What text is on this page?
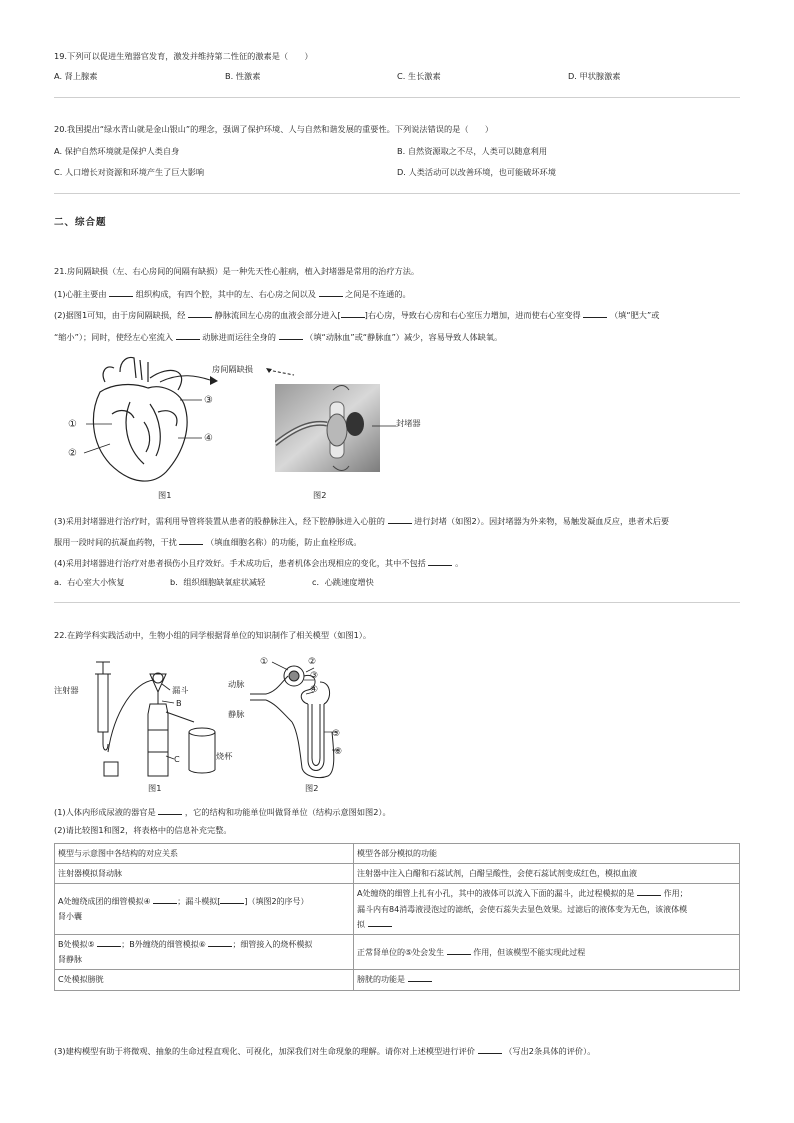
19.下列可以促进生殖器官发育，激发并维持第二性征的激素是（　　）
A. 肾上腺素	B. 性激素	C. 生长激素	D. 甲状腺激素
20.我国提出“绿水青山就是金山银山”的理念，强调了保护环境、人与自然和谐发展的重要性。下列说法错误的是（　　）
A. 保护自然环境就是保护人类自身	B. 自然资源取之不尽，人类可以随意利用
C. 人口增长对资源和环境产生了巨大影响	D. 人类活动可以改善环境，也可能破坏环境
二、综合题
21.房间隔缺损（左、右心房间的间隔有缺损）是一种先天性心脏病，植入封堵器是常用的治疗方法。
(1)心脏主要由	组织构成，有四个腔，其中的左、右心房之间以及	之间是不连通的。
(2)据图1可知，由于房间隔缺损，经	静脉流回左心房的血液会部分进入[	]右心房，导致右心房和右心室压力增加，进而使右心室变得	（填“肥大”或
“缩小”）；同时，使经左心室流入	动脉进而运往全身的	（填“动脉血”或“静脉血”）减少，容易导致人体缺氧。
①
②
③
④
房间隔缺损
封堵器
图1	图2
(3)采用封堵器进行治疗时，需利用导管将装置从患者的股静脉注入，经下腔静脉进入心脏的	进行封堵（如图2）。因封堵器为外来物，易触发凝血反应，患者术后要
服用一段时间的抗凝血药物，干扰	（填血细胞名称）的功能，防止血栓形成。
(4)采用封堵器进行治疗对患者损伤小且疗效好。手术成功后，患者机体会出现相应的变化，其中不包括	。
a．右心室大小恢复	b．组织细胞缺氧症状减轻	c．心跳速度增快
22.在跨学科实践活动中，生物小组的同学根据肾单位的知识制作了相关模型（如图1）。
注射器	漏斗
B
C	烧杯
图1
①	②
③
④
⑤
⑥
动脉
静脉
图2
(1)人体内形成尿液的器官是	，它的结构和功能单位叫做肾单位（结构示意图如图2）。
(2)请比较图1和图2，将表格中的信息补充完整。
模型与示意图中各结构的对应关系	模型各部分模拟的功能
注射器模拟肾动脉	注射器中注入白醋和石蕊试剂，白醋呈酸性，会使石蕊试剂变成红色，模拟血液
A处缠绕成团的细管模拟④ ；漏斗模拟[ ]（填图2的序号）
肾小囊	A处缠绕的细管上扎有小孔，其中的液体可以流入下面的漏斗，此过程模拟的是 作用；
漏斗内有84消毒液浸泡过的滤纸，会使石蕊失去显色效果。过滤后的液体变为无色，该液体模
拟
B处模拟⑤ ；B外缠绕的细管模拟⑥ ；细管接入的烧杯模拟
肾静脉	正常肾单位的⑤处会发生 作用，但该模型不能实现此过程
C处模拟膀胱	膀胱的功能是
(3)建构模型有助于将微观、抽象的生命过程直观化、可视化，加深我们对生命现象的理解。请你对上述模型进行评价	（写出2条具体的评价）。
